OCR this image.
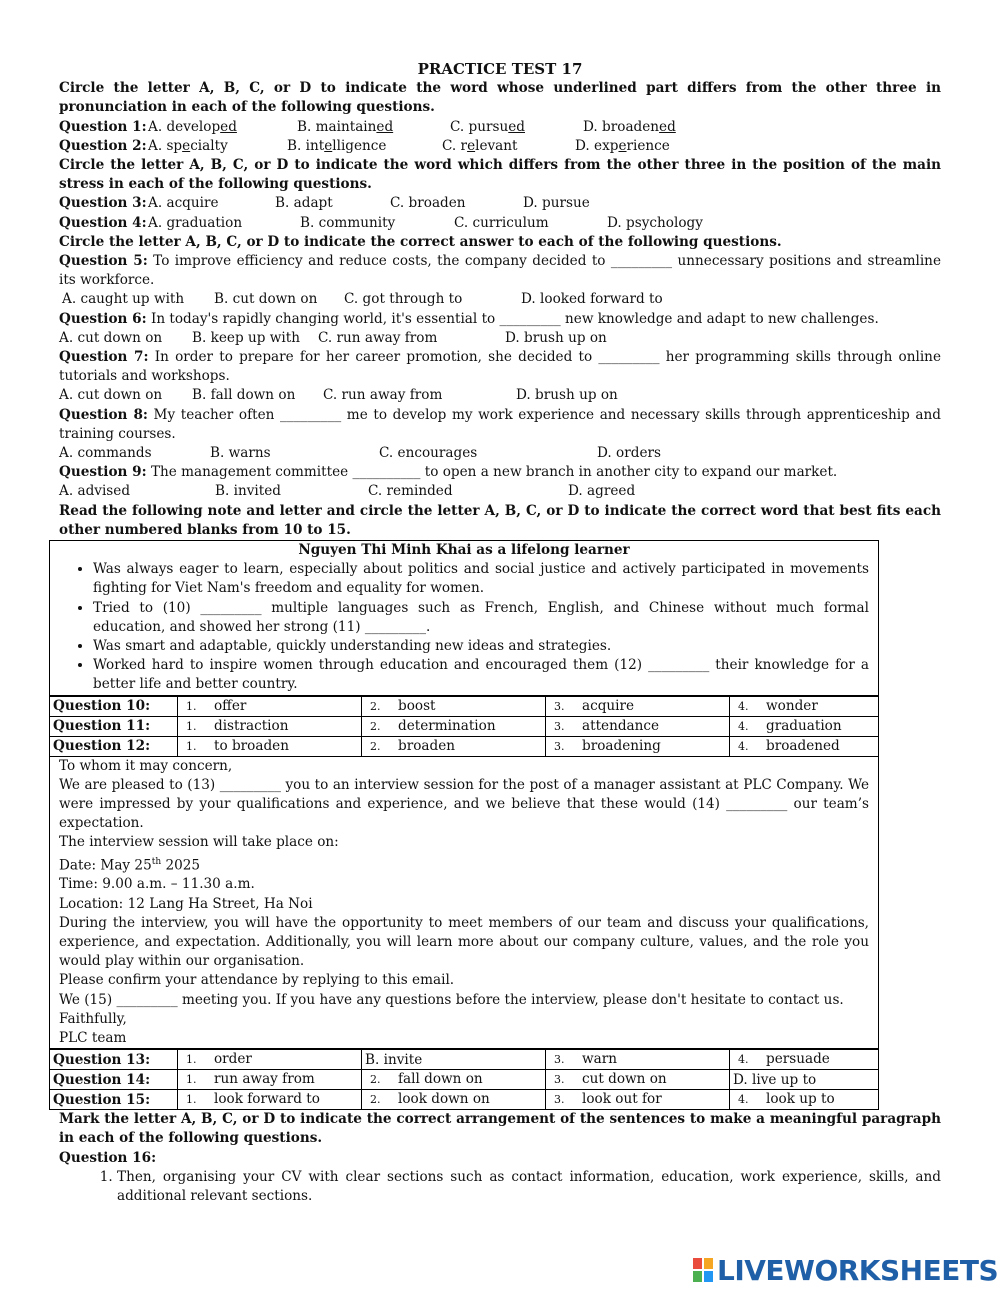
PRACTICE TEST 17
Circle the letter A, B, C, or D to indicate the word whose underlined part differs from the other three in pronunciation in each of the following questions.
Question 1: A. developed	B. maintained	C. pursued	D. broadened
Question 2: A. specialty	B. intelligence	C. relevant	D. experience
Circle the letter A, B, C, or D to indicate the word which differs from the other three in the position of the main stress in each of the following questions.
Question 3: A. acquire	B. adapt	C. broaden	D. pursue
Question 4: A. graduation	B. community	C. curriculum	D. psychology
Circle the letter A, B, C, or D to indicate the correct answer to each of the following questions.
Question 5: To improve efficiency and reduce costs, the company decided to _________ unnecessary positions and streamline its workforce.
A. caught up with B. cut down on C. got through to	D. looked forward to
Question 6: In today's rapidly changing world, it's essential to _________ new knowledge and adapt to new challenges.
A. cut down on B. keep up with C. run away from	D. brush up on
Question 7: In order to prepare for her career promotion, she decided to _________ her programming skills through online tutorials and workshops.
A. cut down on B. fall down on C. run away from	D. brush up on
Question 8: My teacher often _________ me to develop my work experience and necessary skills through apprenticeship and training courses.
A. commands	B. warns	C. encourages	D. orders
Question 9: The management committee __________ to open a new branch in another city to expand our market.
A. advised	B. invited	C. reminded	D. agreed
Read the following note and letter and circle the letter A, B, C, or D to indicate the correct word that best fits each other numbered blanks from 10 to 15.
Nguyen Thi Minh Khai as a lifelong learner
• Was always eager to learn, especially about politics and social justice and actively participated in movements fighting for Viet Nam's freedom and equality for women.
• Tried to (10) _________ multiple languages such as French, English, and Chinese without much formal education, and showed her strong (11) _________.
• Was smart and adaptable, quickly understanding new ideas and strategies.
• Worked hard to inspire women through education and encouraged them (12) _________ their knowledge for a better life and better country.
Question 10:	1. offer	2. boost	3. acquire	4. wonder
Question 11:	1. distraction	2. determination	3. attendance	4. graduation
Question 12:	1. to broaden	2. broaden	3. broadening	4. broadened
To whom it may concern,
We are pleased to (13) _________ you to an interview session for the post of a manager assistant at PLC Company. We were impressed by your qualifications and experience, and we believe that these would (14) _________ our team’s expectation.
The interview session will take place on:
Date: May 25th 2025
Time: 9.00 a.m. – 11.30 a.m.
Location: 12 Lang Ha Street, Ha Noi
During the interview, you will have the opportunity to meet members of our team and discuss your qualifications, experience, and expectation. Additionally, you will learn more about our company culture, values, and the role you would play within our organisation.
Please confirm your attendance by replying to this email.
We (15) _________ meeting you. If you have any questions before the interview, please don't hesitate to contact us.
Faithfully,
PLC team
Question 13:	1. order	B. invite	3. warn	4. persuade
Question 14:	1. run away from	2. fall down on	3. cut down on	D. live up to
Question 15:	1. look forward to	2. look down on	3. look out for	4. look up to
Mark the letter A, B, C, or D to indicate the correct arrangement of the sentences to make a meaningful paragraph in each of the following questions.
Question 16:
1. Then, organising your CV with clear sections such as contact information, education, work experience, skills, and additional relevant sections.
LIVEWORKSHEETS
